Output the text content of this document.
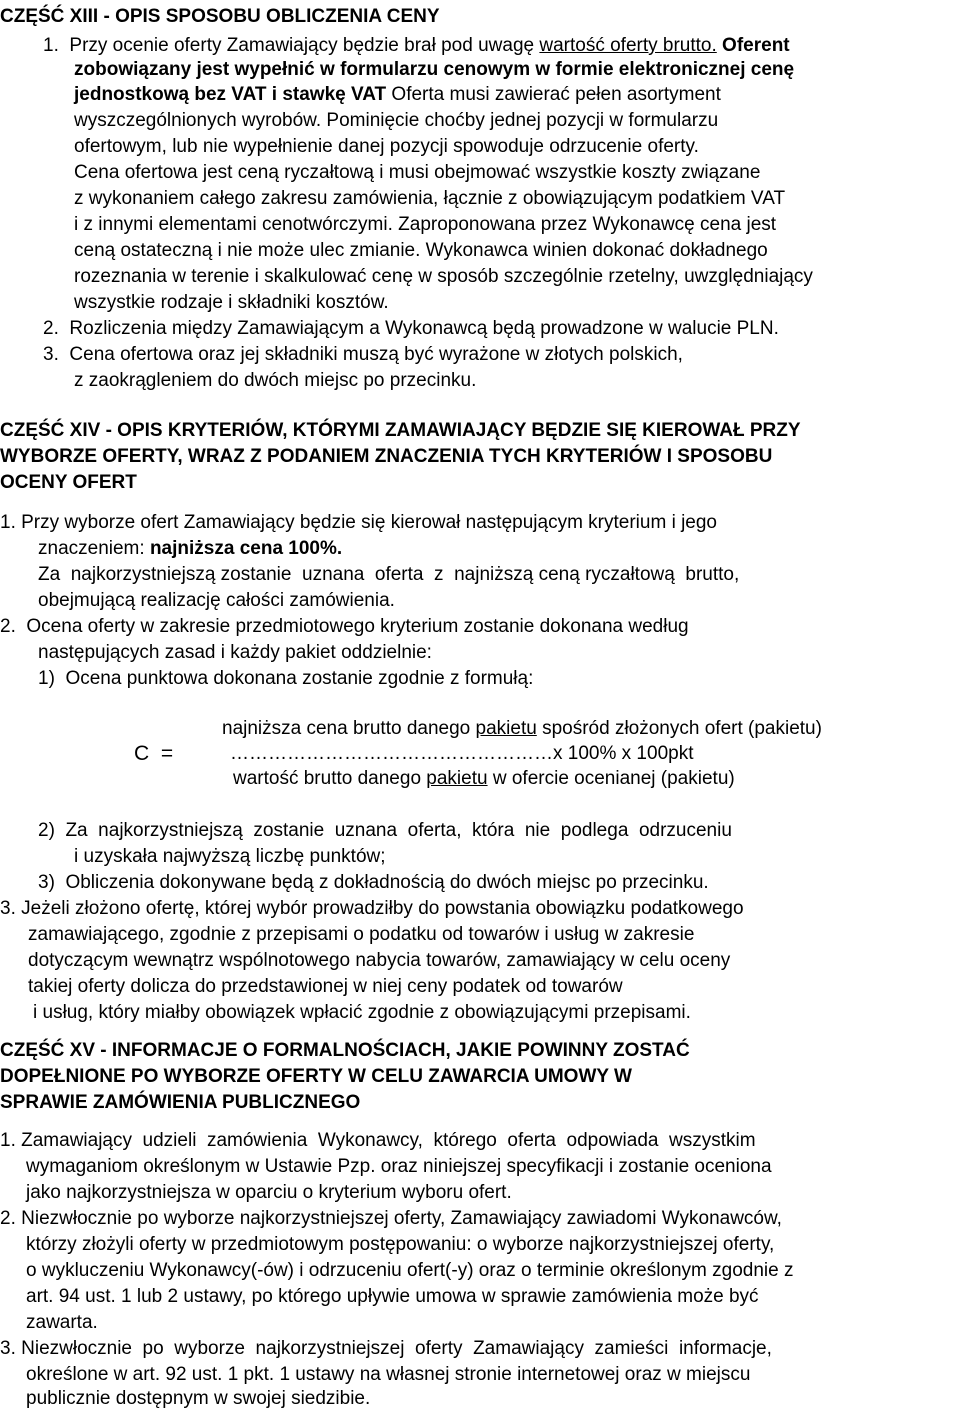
CZĘŚĆ XIII - OPIS SPOSOBU OBLICZENIA CENY
1.  Przy ocenie oferty Zamawiający będzie brał pod uwagę wartość oferty brutto. Oferent
zobowiązany jest wypełnić w formularzu cenowym w formie elektronicznej cenę
jednostkową bez VAT i stawkę VAT Oferta musi zawierać pełen asortyment
wyszczególnionych wyrobów. Pominięcie choćby jednej pozycji w formularzu
ofertowym, lub nie wypełnienie danej pozycji spowoduje odrzucenie oferty.
Cena ofertowa jest ceną ryczałtową i musi obejmować wszystkie koszty związane
z wykonaniem całego zakresu zamówienia, łącznie z obowiązującym podatkiem VAT
i z innymi elementami cenotwórczymi. Zaproponowana przez Wykonawcę cena jest
ceną ostateczną i nie może ulec zmianie. Wykonawca winien dokonać dokładnego
rozeznania w terenie i skalkulować cenę w sposób szczególnie rzetelny, uwzględniający
wszystkie rodzaje i składniki kosztów.
2.  Rozliczenia między Zamawiającym a Wykonawcą będą prowadzone w walucie PLN.
3.  Cena ofertowa oraz jej składniki muszą być wyrażone w złotych polskich,
z zaokrągleniem do dwóch miejsc po przecinku.
CZĘŚĆ XIV - OPIS KRYTERIÓW, KTÓRYMI ZAMAWIAJĄCY BĘDZIE SIĘ KIEROWAŁ PRZY
WYBORZE OFERTY, WRAZ Z PODANIEM ZNACZENIA TYCH KRYTERIÓW I SPOSOBU
OCENY OFERT
1. Przy wyborze ofert Zamawiający będzie się kierował następującym kryterium i jego
znaczeniem: najniższa cena 100%.
Za  najkorzystniejszą zostanie  uznana  oferta  z  najniższą ceną ryczałtową  brutto,
obejmującą realizację całości zamówienia.
2.  Ocena oferty w zakresie przedmiotowego kryterium zostanie dokonana według
następujących zasad i każdy pakiet oddzielnie:
1)  Ocena punktowa dokonana zostanie zgodnie z formułą:
najniższa cena brutto danego pakietu spośród złożonych ofert (pakietu)
C  =	……………………………………………x 100% x 100pkt
wartość brutto danego pakietu w ofercie ocenianej (pakietu)
2)  Za  najkorzystniejszą  zostanie  uznana  oferta,  która  nie  podlega  odrzuceniu
i uzyskała najwyższą liczbę punktów;
3)  Obliczenia dokonywane będą z dokładnością do dwóch miejsc po przecinku.
3. Jeżeli złożono ofertę, której wybór prowadziłby do powstania obowiązku podatkowego
zamawiającego, zgodnie z przepisami o podatku od towarów i usług w zakresie
dotyczącym wewnątrz wspólnotowego nabycia towarów, zamawiający w celu oceny
takiej oferty dolicza do przedstawionej w niej ceny podatek od towarów
i usług, który miałby obowiązek wpłacić zgodnie z obowiązującymi przepisami.
CZĘŚĆ XV - INFORMACJE O FORMALNOŚCIACH, JAKIE POWINNY ZOSTAĆ
DOPEŁNIONE PO WYBORZE OFERTY W CELU ZAWARCIA UMOWY W
SPRAWIE ZAMÓWIENIA PUBLICZNEGO
1. Zamawiający  udzieli  zamówienia  Wykonawcy,  którego  oferta  odpowiada  wszystkim
wymaganiom określonym w Ustawie Pzp. oraz niniejszej specyfikacji i zostanie oceniona
jako najkorzystniejsza w oparciu o kryterium wyboru ofert.
2. Niezwłocznie po wyborze najkorzystniejszej oferty, Zamawiający zawiadomi Wykonawców,
którzy złożyli oferty w przedmiotowym postępowaniu: o wyborze najkorzystniejszej oferty,
o wykluczeniu Wykonawcy(-ów) i odrzuceniu ofert(-y) oraz o terminie określonym zgodnie z
art. 94 ust. 1 lub 2 ustawy, po którego upływie umowa w sprawie zamówienia może być
zawarta.
3. Niezwłocznie  po  wyborze  najkorzystniejszej  oferty  Zamawiający  zamieści  informacje,
określone w art. 92 ust. 1 pkt. 1 ustawy na własnej stronie internetowej oraz w miejscu
publicznie dostępnym w swojej siedzibie.
